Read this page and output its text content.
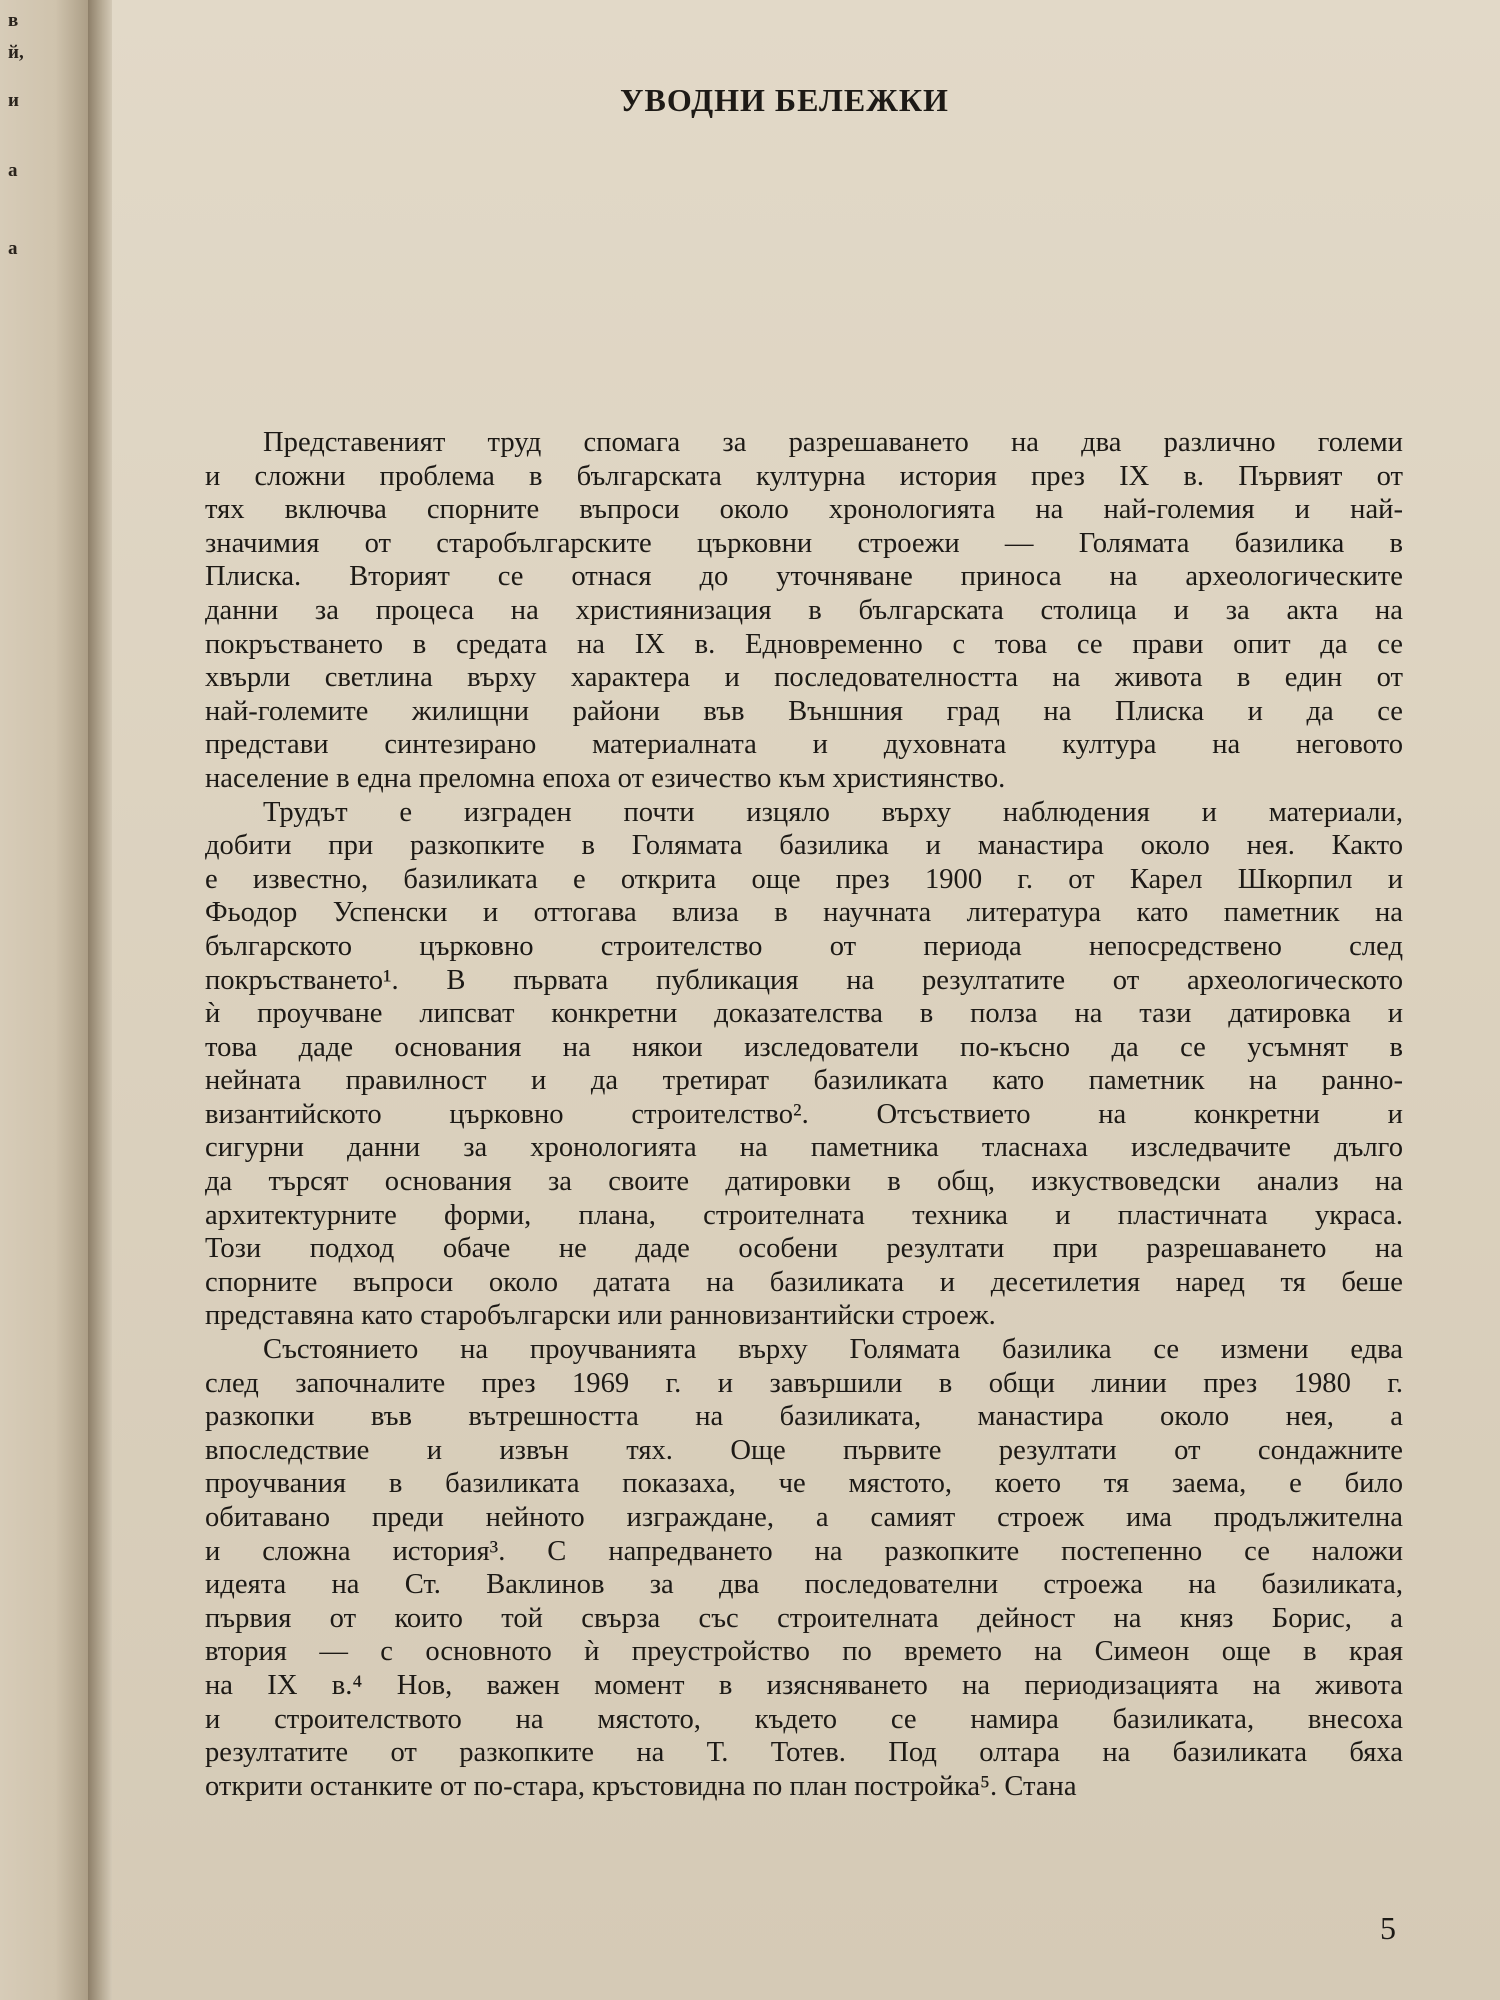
в
й,
и
а
а
УВОДНИ БЕЛЕЖКИ

Представеният труд спомага за разрешаването на два различно големи
и сложни проблема в българската културна история през IX в. Първият от
тях включва спорните въпроси около хронологията на най-големия и най-
значимия от старобългарските църковни строежи — Голямата базилика в
Плиска. Вторият се отнася до уточняване приноса на археологическите
данни за процеса на християнизация в българската столица и за акта на
покръстването в средата на IX в. Едновременно с това се прави опит да се
хвърли светлина върху характера и последователността на живота в един от
най-големите жилищни райони във Външния град на Плиска и да се
представи синтезирано материалната и духовната култура на неговото
население в една преломна епоха от езичество към християнство.

Трудът е изграден почти изцяло върху наблюдения и материали,
добити при разкопките в Голямата базилика и манастира около нея. Както
е известно, базиликата е открита още през 1900 г. от Карел Шкорпил и
Фьодор Успенски и оттогава влиза в научната литература като паметник на
българското църковно строителство от периода непосредствено след
покръстването¹. В първата публикация на резултатите от археологическото
ѝ проучване липсват конкретни доказателства в полза на тази датировка и
това даде основания на някои изследователи по-късно да се усъмнят в
нейната правилност и да третират базиликата като паметник на ранно-
византийското църковно строителство². Отсъствието на конкретни и
сигурни данни за хронологията на паметника тласнаха изследвачите дълго
да търсят основания за своите датировки в общ, изкуствоведски анализ на
архитектурните форми, плана, строителната техника и пластичната украса.
Този подход обаче не даде особени резултати при разрешаването на
спорните въпроси около датата на базиликата и десетилетия наред тя беше
представяна като старобългарски или ранновизантийски строеж.

Състоянието на проучванията върху Голямата базилика се измени едва
след започналите през 1969 г. и завършили в общи линии през 1980 г.
разкопки във вътрешността на базиликата, манастира около нея, а
впоследствие и извън тях. Още първите резултати от сондажните
проучвания в базиликата показаха, че мястото, което тя заема, е било
обитавано преди нейното изграждане, а самият строеж има продължителна
и сложна история³. С напредването на разкопките постепенно се наложи
идеята на Ст. Ваклинов за два последователни строежа на базиликата,
първия от които той свърза със строителната дейност на княз Борис, а
втория — с основното ѝ преустройство по времето на Симеон още в края
на IX в.⁴ Нов, важен момент в изясняването на периодизацията на живота
и строителството на мястото, където се намира базиликата, внесоха
резултатите от разкопките на Т. Тотев. Под олтара на базиликата бяха
открити останките от по-стара, кръстовидна по план постройка⁵. Стана

5
